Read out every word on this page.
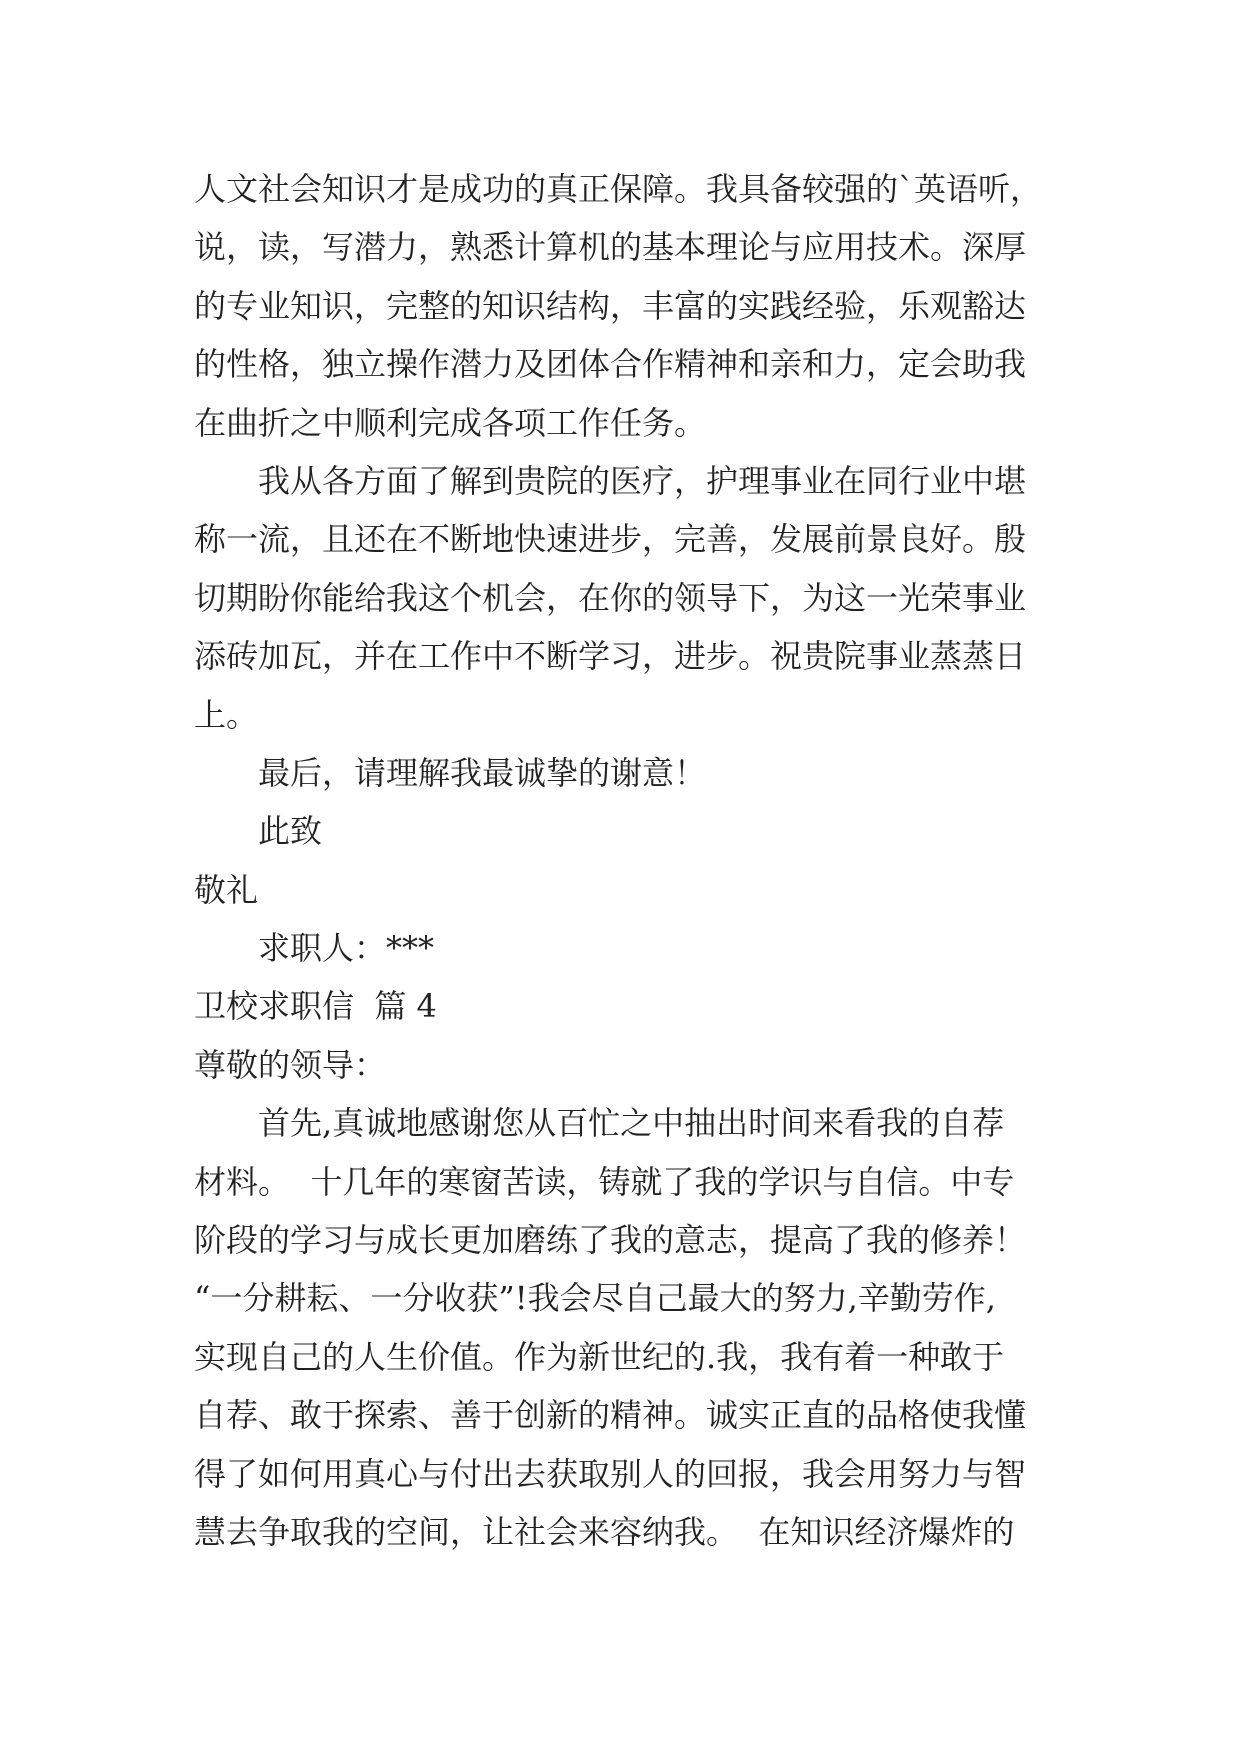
人文社会知识才是成功的真正保障。我具备较强的`英语听，
说，读，写潜力，熟悉计算机的基本理论与应用技术。深厚
的专业知识，完整的知识结构，丰富的实践经验，乐观豁达
的性格，独立操作潜力及团体合作精神和亲和力，定会助我
在曲折之中顺利完成各项工作任务。
我从各方面了解到贵院的医疗，护理事业在同行业中堪
称一流，且还在不断地快速进步，完善，发展前景良好。殷
切期盼你能给我这个机会，在你的领导下，为这一光荣事业
添砖加瓦，并在工作中不断学习，进步。祝贵院事业蒸蒸日
上。
最后，请理解我最诚挚的谢意！
此致
敬礼
求职人：***
卫校求职信  篇 4
尊敬的领导：
首先,真诚地感谢您从百忙之中抽出时间来看我的自荐
材料。  十几年的寒窗苦读，铸就了我的学识与自信。中专
阶段的学习与成长更加磨练了我的意志，提高了我的修养！
“一分耕耘、一分收获”!我会尽自己最大的努力,辛勤劳作,
实现自己的人生价值。作为新世纪的.我，我有着一种敢于
自荐、敢于探索、善于创新的精神。诚实正直的品格使我懂
得了如何用真心与付出去获取别人的回报，我会用努力与智
慧去争取我的空间，让社会来容纳我。  在知识经济爆炸的
